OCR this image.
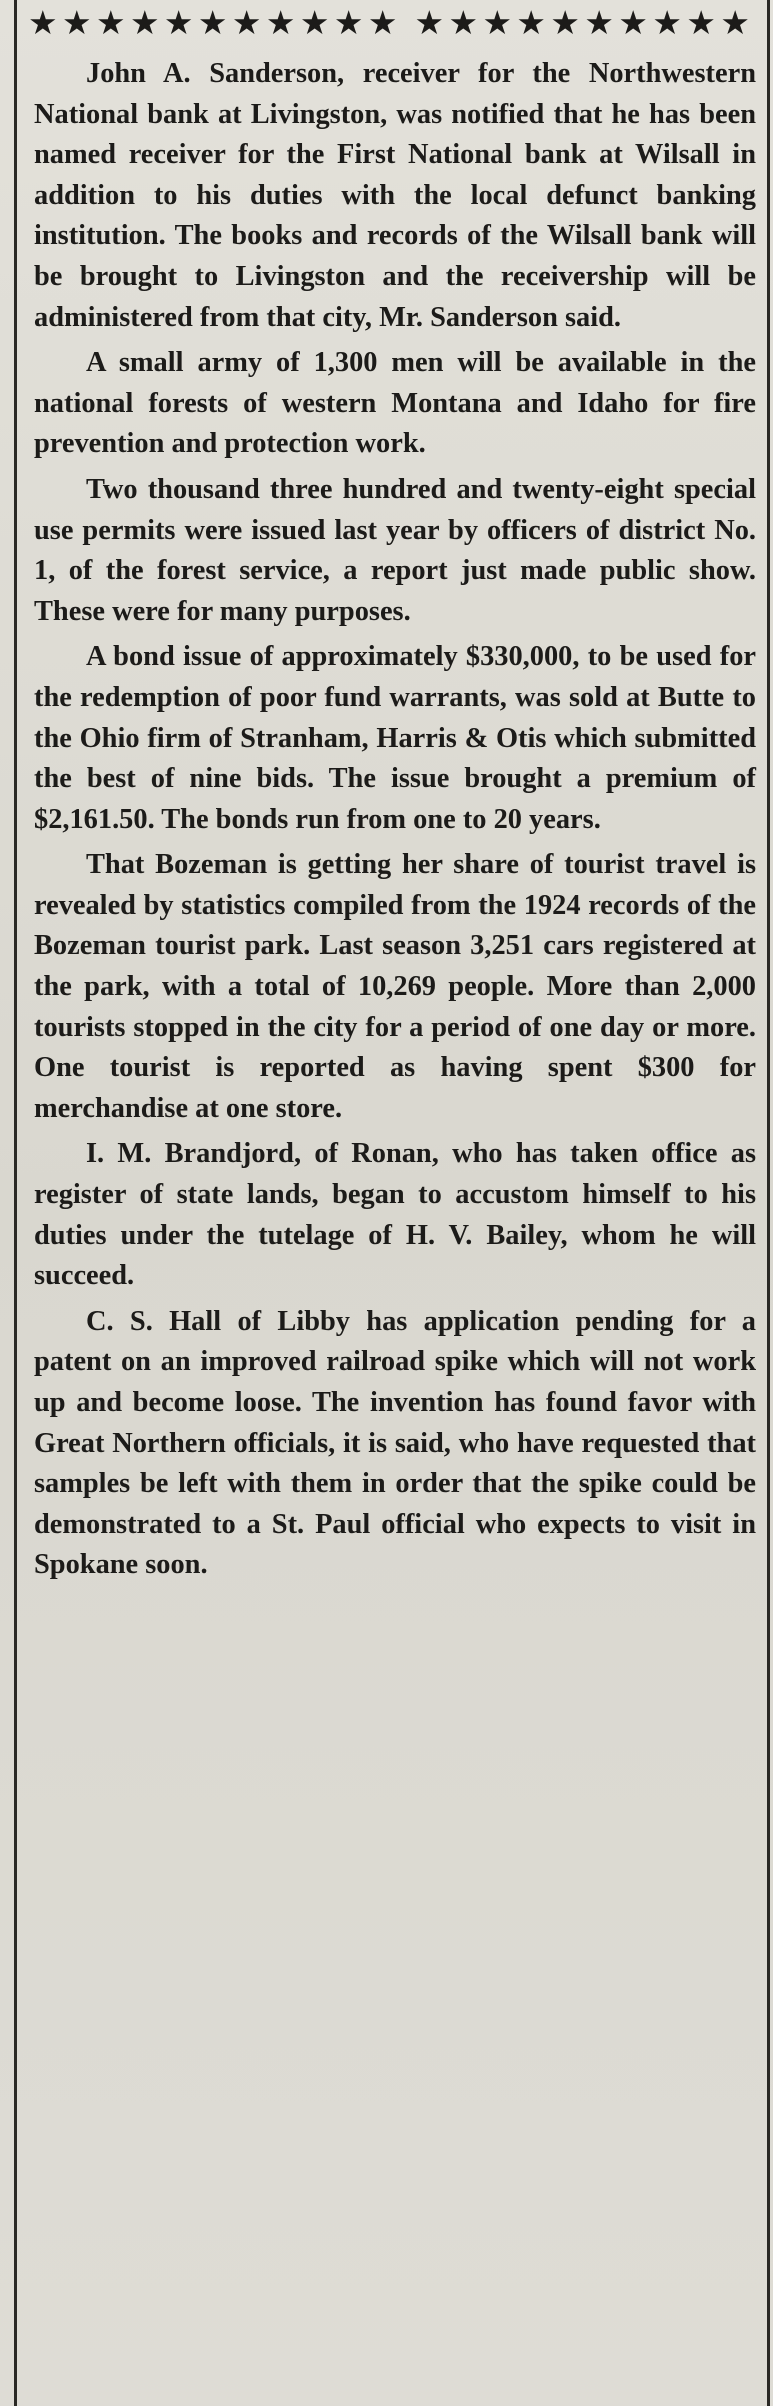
★★★★★★★★★★★ ★★★★★★★★★★

John A. Sanderson, receiver for the Northwestern National bank at Livingston, was notified that he has been named receiver for the First National bank at Wilsall in addition to his duties with the local defunct banking institution. The books and records of the Wilsall bank will be brought to Livingston and the receivership will be administered from that city, Mr. Sanderson said.

A small army of 1,300 men will be available in the national forests of western Montana and Idaho for fire prevention and protection work.

Two thousand three hundred and twenty-eight special use permits were issued last year by officers of district No. 1, of the forest service, a report just made public show. These were for many purposes.

A bond issue of approximately $330,000, to be used for the redemption of poor fund warrants, was sold at Butte to the Ohio firm of Stranham, Harris & Otis which submitted the best of nine bids. The issue brought a premium of $2,161.50. The bonds run from one to 20 years.

That Bozeman is getting her share of tourist travel is revealed by statistics compiled from the 1924 records of the Bozeman tourist park. Last season 3,251 cars registered at the park, with a total of 10,269 people. More than 2,000 tourists stopped in the city for a period of one day or more. One tourist is reported as having spent $300 for merchandise at one store.

I. M. Brandjord, of Ronan, who has taken office as register of state lands, began to accustom himself to his duties under the tutelage of H. V. Bailey, whom he will succeed.

C. S. Hall of Libby has application pending for a patent on an improved railroad spike which will not work up and become loose. The invention has found favor with Great Northern officials, it is said, who have requested that samples be left with them in order that the spike could be demonstrated to a St. Paul official who expects to visit in Spokane soon.
